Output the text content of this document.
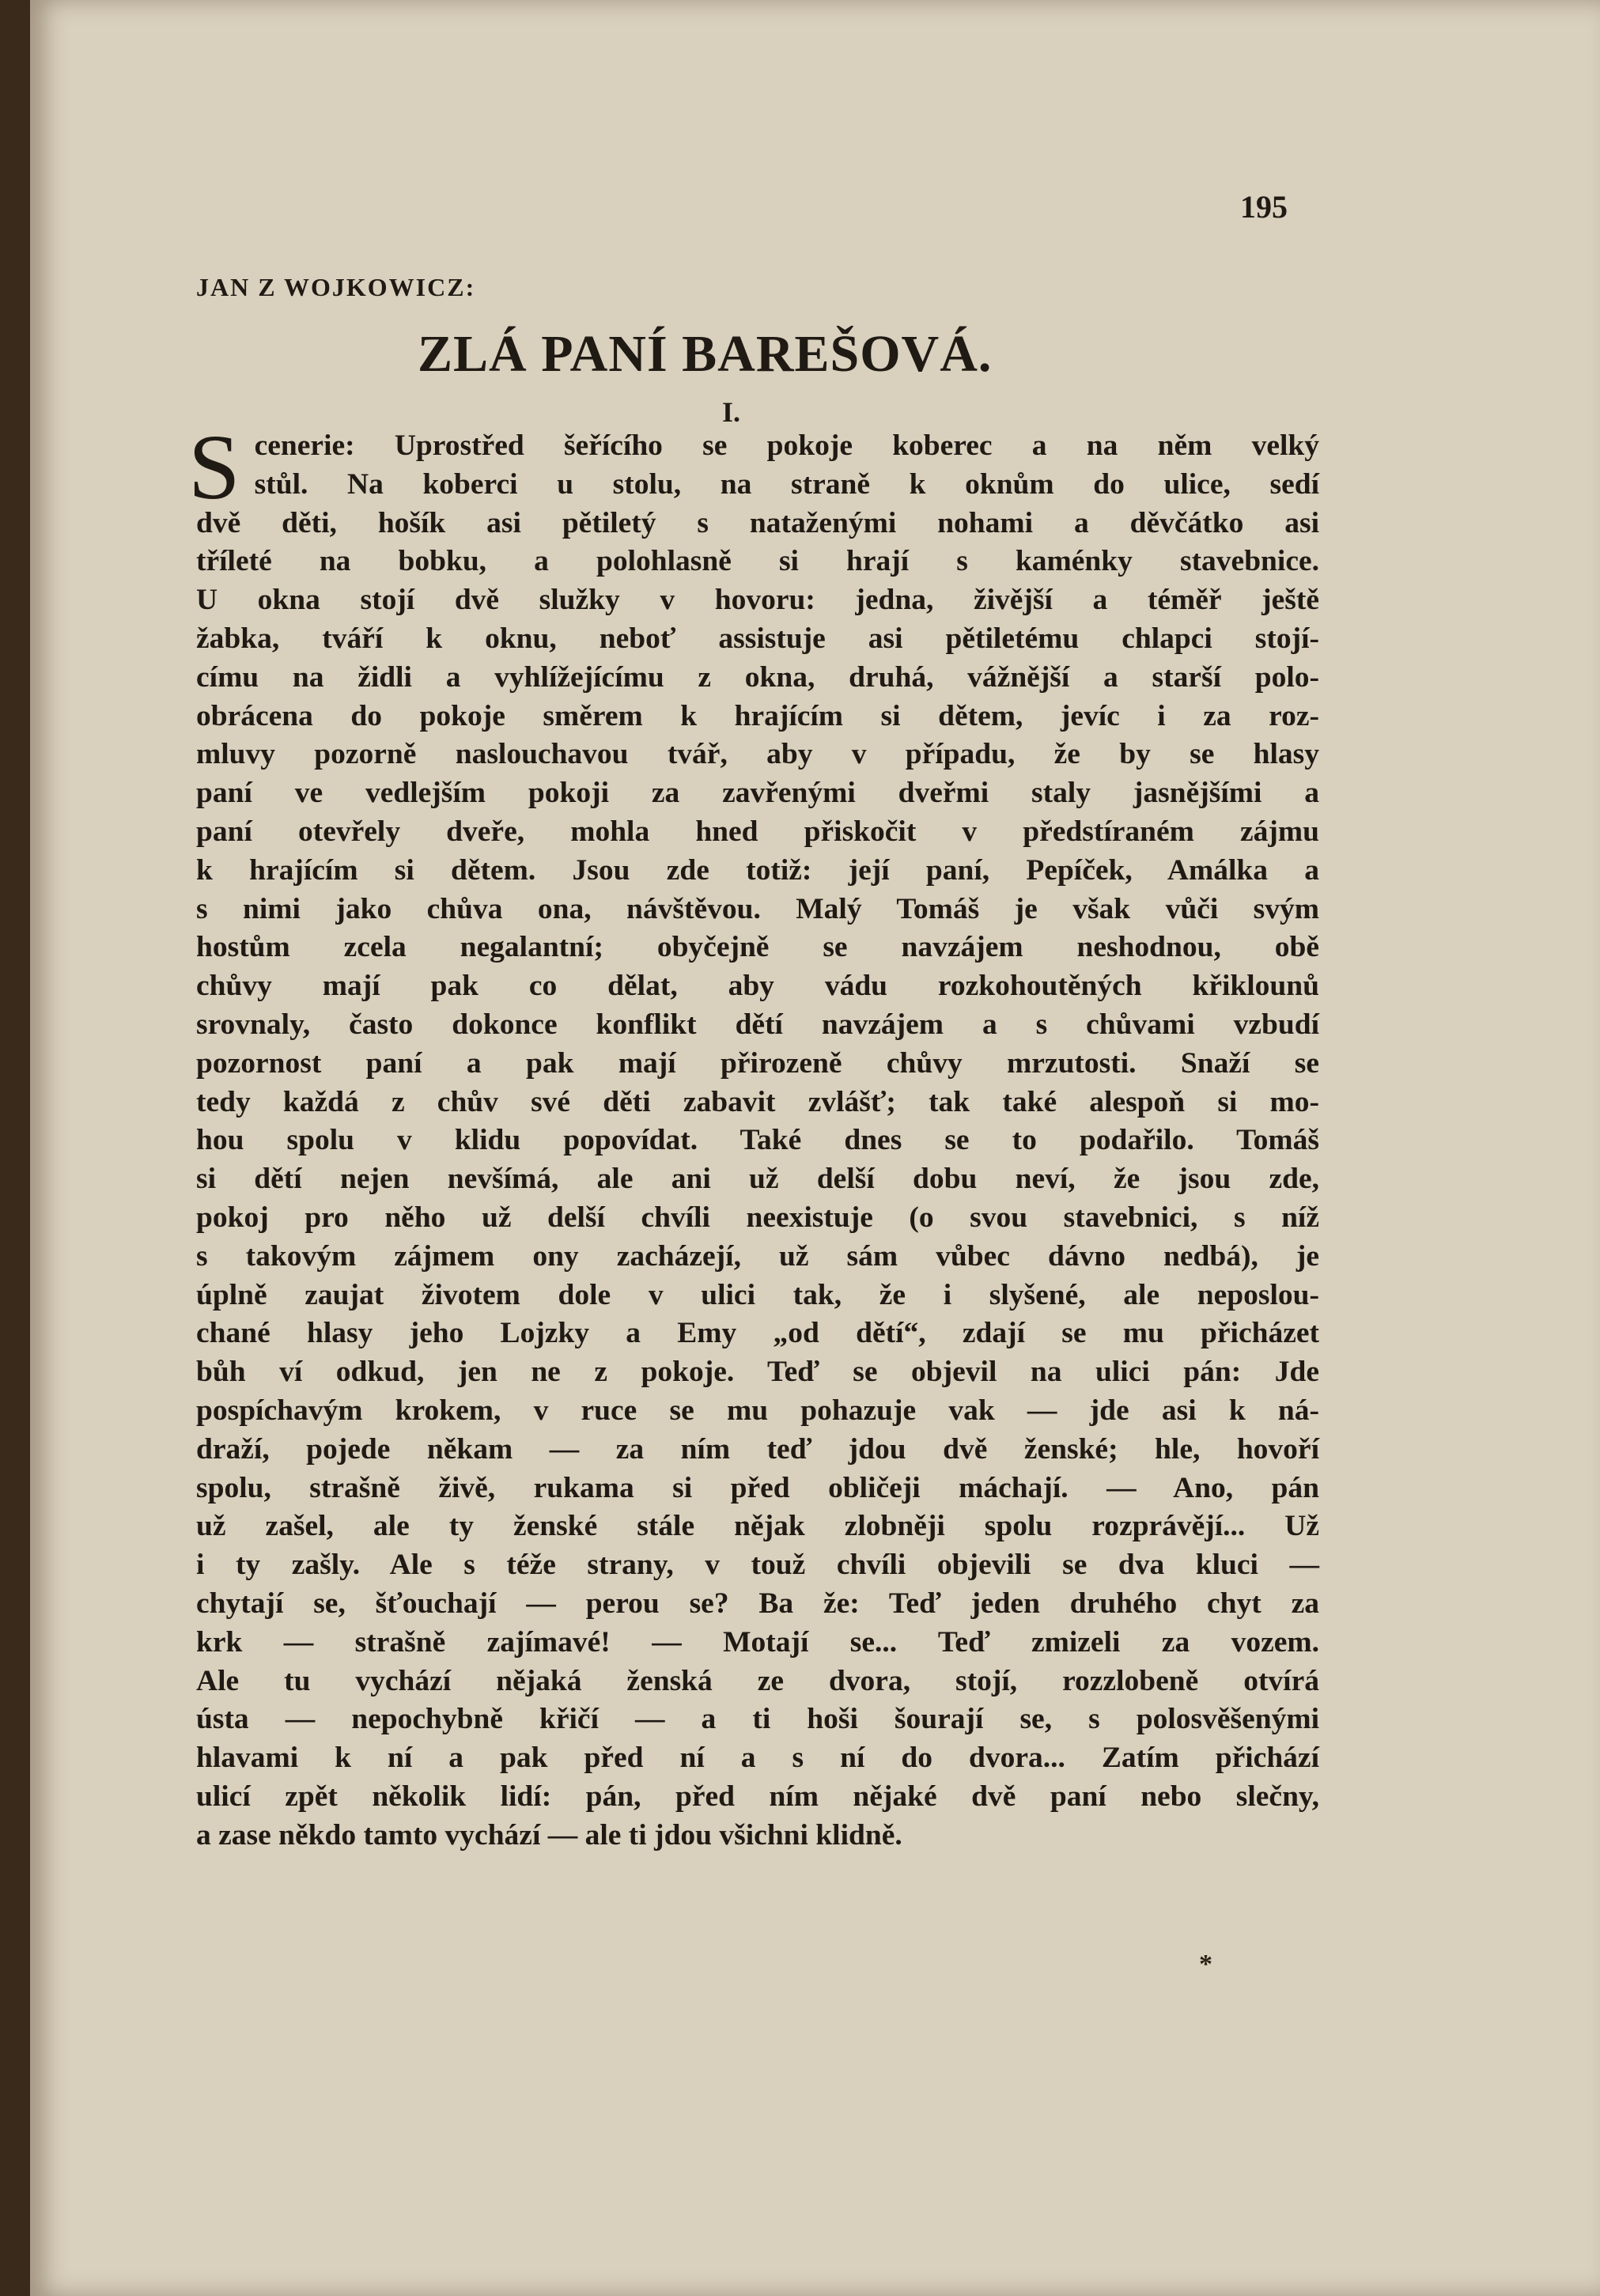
195
JAN Z WOJKOWICZ:
ZLÁ PANÍ BAREŠOVÁ.
I.
S cenerie: Uprostřed šeřícího se pokoje koberec a na něm velký
stůl. Na koberci u stolu, na straně k oknům do ulice, sedí
dvě děti, hošík asi pětiletý s nataženými nohami a děvčátko asi
tříleté na bobku, a polohlasně si hrají s kaménky stavebnice.
U okna stojí dvě služky v hovoru: jedna, živější a téměř ještě
žabka, tváří k oknu, neboť assistuje asi pětiletému chlapci stojí-
címu na židli a vyhlížejícímu z okna, druhá, vážnější a starší polo-
obrácena do pokoje směrem k hrajícím si dětem, jevíc i za roz-
mluvy pozorně naslouchavou tvář, aby v případu, že by se hlasy
paní ve vedlejším pokoji za zavřenými dveřmi staly jasnějšími a
paní otevřely dveře, mohla hned přiskočit v předstíraném zájmu
k hrajícím si dětem. Jsou zde totiž: její paní, Pepíček, Amálka a
s nimi jako chůva ona, návštěvou. Malý Tomáš je však vůči svým
hostům zcela negalantní; obyčejně se navzájem neshodnou, obě
chůvy mají pak co dělat, aby vádu rozkohoutěných křiklounů
srovnaly, často dokonce konflikt dětí navzájem a s chůvami vzbudí
pozornost paní a pak mají přirozeně chůvy mrzutosti. Snaží se
tedy každá z chův své děti zabavit zvlášť; tak také alespoň si mo-
hou spolu v klidu popovídat. Také dnes se to podařilo. Tomáš
si dětí nejen nevšímá, ale ani už delší dobu neví, že jsou zde,
pokoj pro něho už delší chvíli neexistuje (o svou stavebnici, s níž
s takovým zájmem ony zacházejí, už sám vůbec dávno nedbá), je
úplně zaujat životem dole v ulici tak, že i slyšené, ale neposlou-
chané hlasy jeho Lojzky a Emy „od dětí“, zdají se mu přicházet
bůh ví odkud, jen ne z pokoje. Teď se objevil na ulici pán: Jde
pospíchavým krokem, v ruce se mu pohazuje vak — jde asi k ná-
draží, pojede někam — za ním teď jdou dvě ženské; hle, hovoří
spolu, strašně živě, rukama si před obličeji máchají. — Ano, pán
už zašel, ale ty ženské stále nějak zlobněji spolu rozprávějí... Už
i ty zašly. Ale s téže strany, v touž chvíli objevili se dva kluci —
chytají se, šťouchají — perou se? Ba že: Teď jeden druhého chyt za
krk — strašně zajímavé! — Motají se... Teď zmizeli za vozem.
Ale tu vychází nějaká ženská ze dvora, stojí, rozzlobeně otvírá
ústa — nepochybně křičí — a ti hoši šourají se, s polosvěšenými
hlavami k ní a pak před ní a s ní do dvora... Zatím přichází
ulicí zpět několik lidí: pán, před ním nějaké dvě paní nebo slečny,
a zase někdo tamto vychází — ale ti jdou všichni klidně.
*
